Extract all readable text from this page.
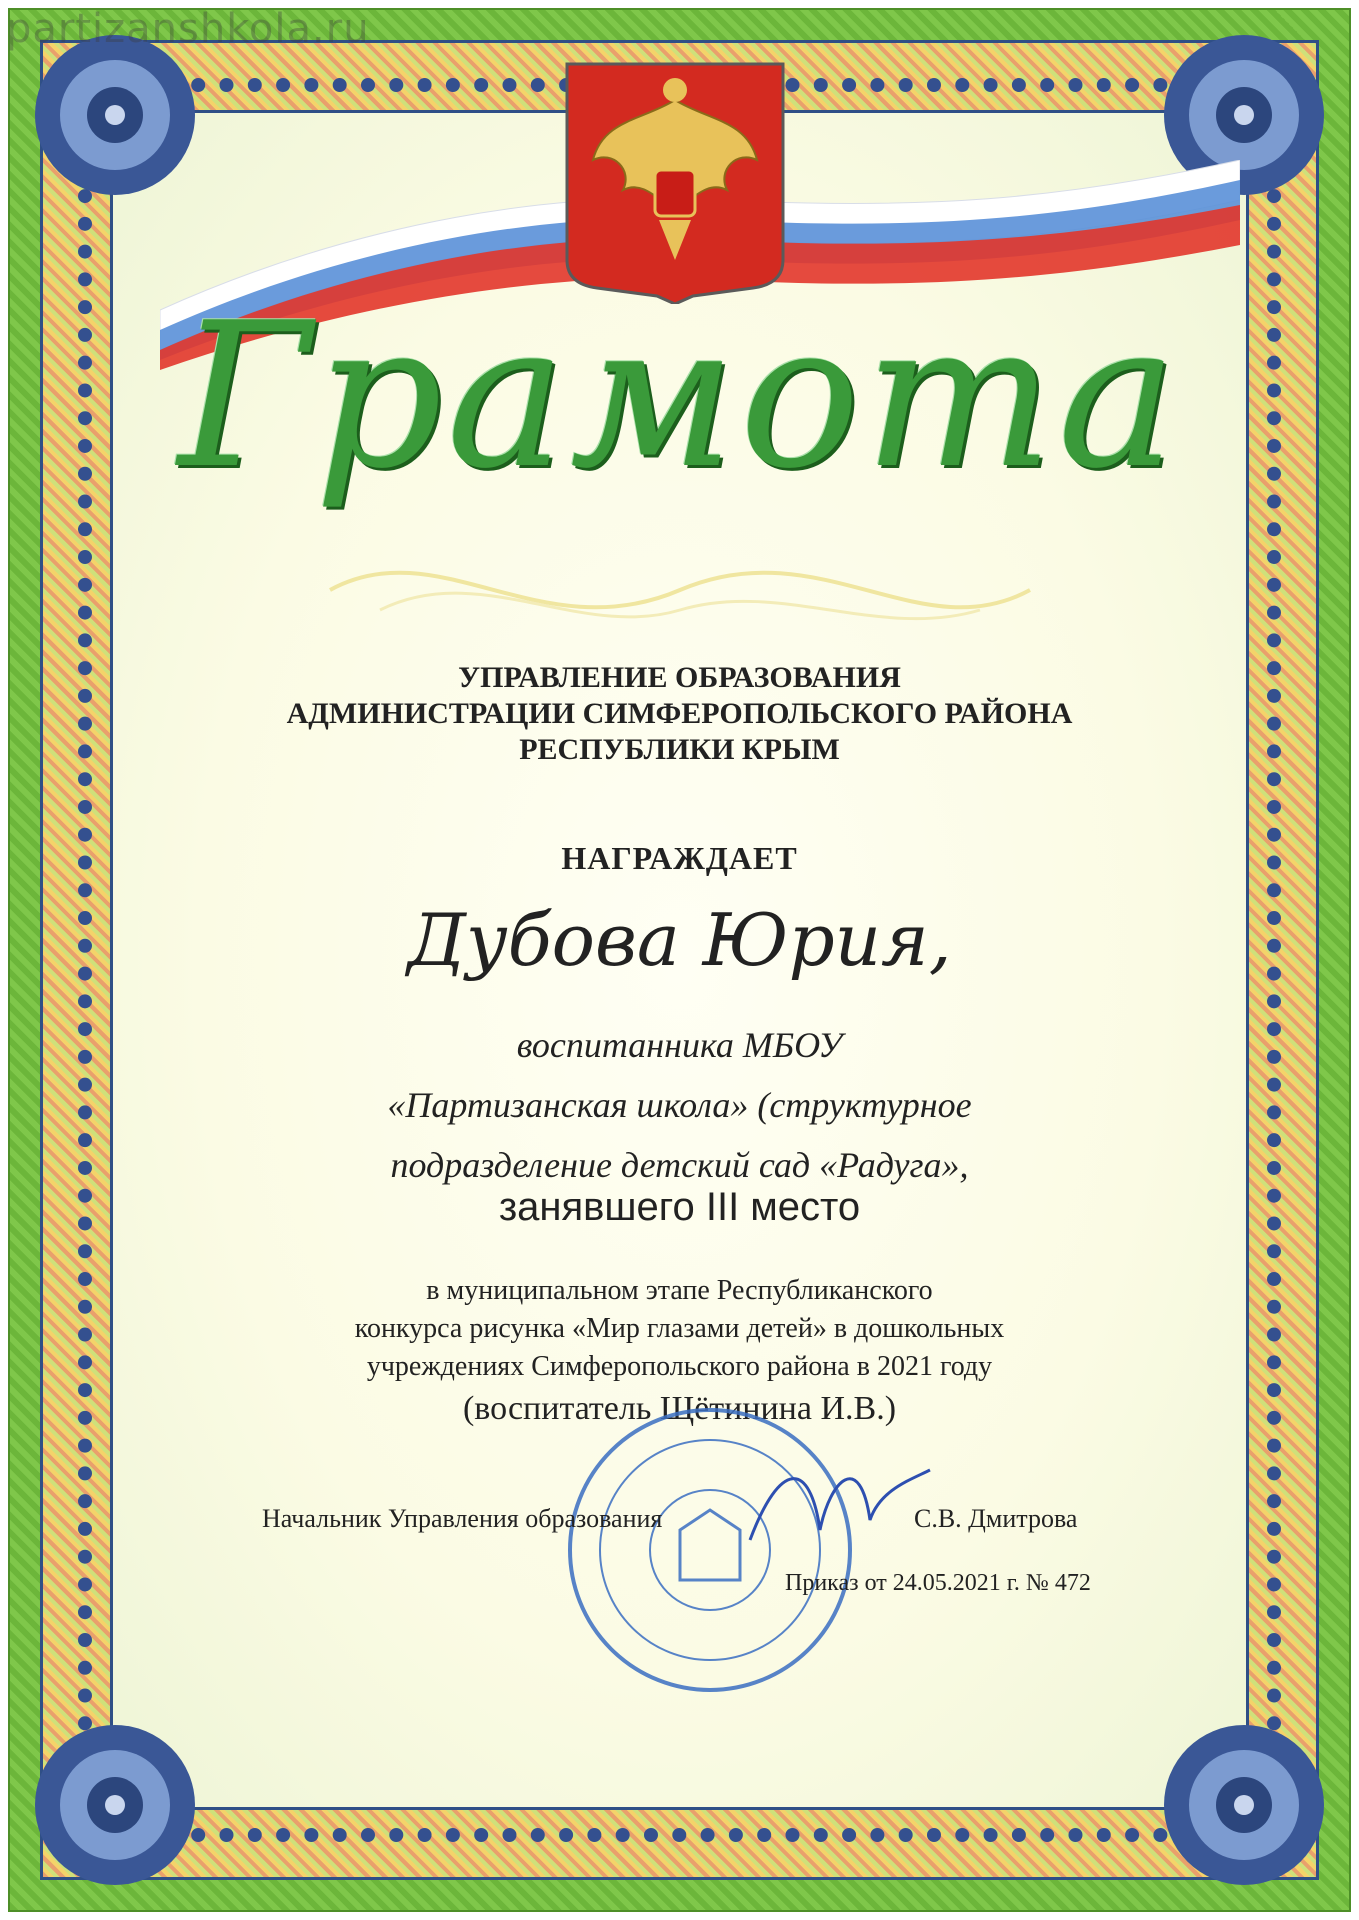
partizanshkola.ru
Грамота
УПРАВЛЕНИЕ ОБРАЗОВАНИЯ
АДМИНИСТРАЦИИ СИМФЕРОПОЛЬСКОГО РАЙОНА
РЕСПУБЛИКИ КРЫМ
НАГРАЖДАЕТ
Дубова Юрия,
воспитанника МБОУ
«Партизанская школа» (структурное
подразделение детский сад «Радуга»,
занявшего III место
в муниципальном этапе Республиканского
конкурса рисунка «Мир глазами детей» в дошкольных
учреждениях Симферопольского района в 2021 году
(воспитатель Щётинина И.В.)
Начальник Управления образования	С.В. Дмитрова
Приказ от 24.05.2021 г. № 472
